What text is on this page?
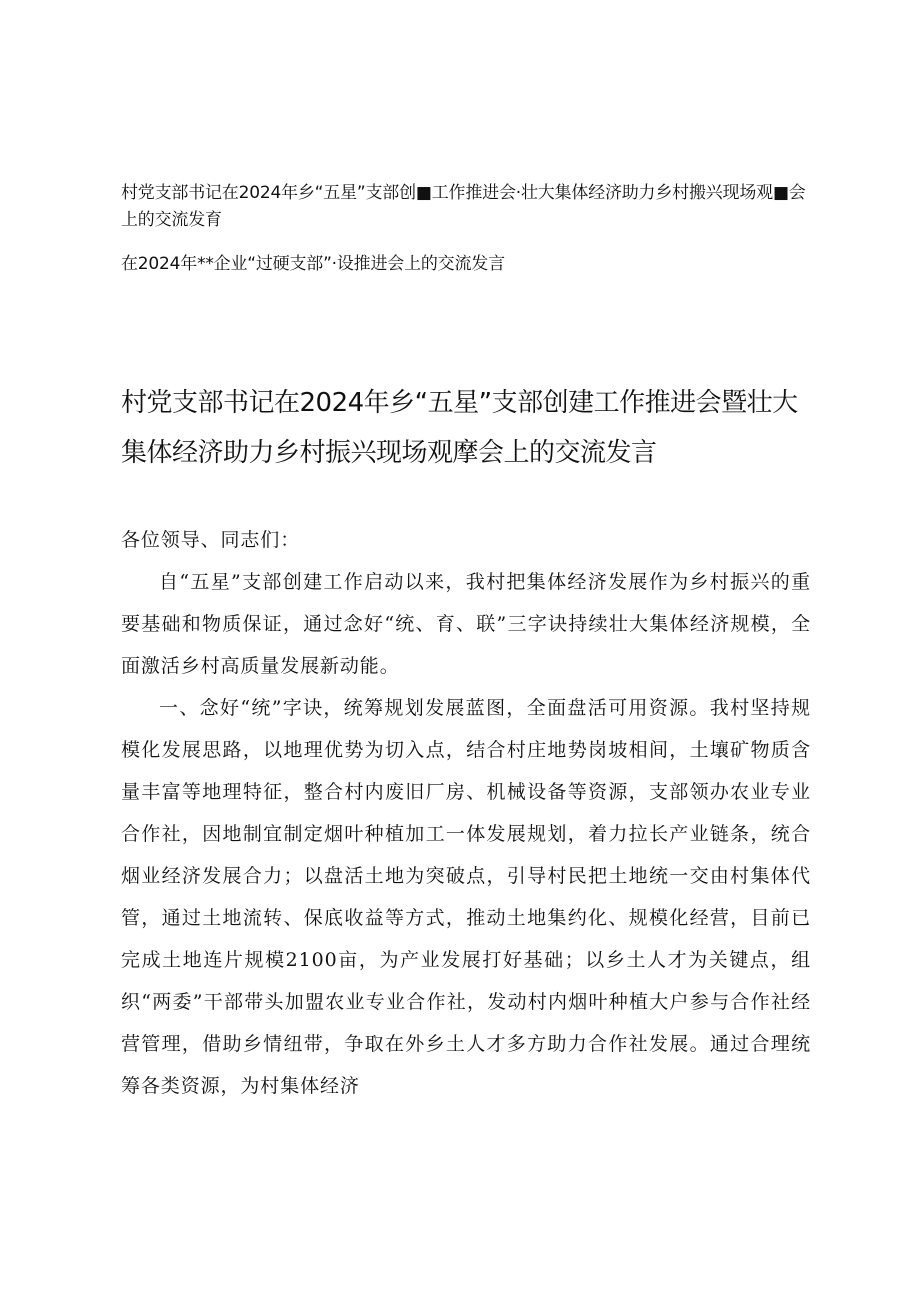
村党支部书记在2024年乡“五星”支部创■工作推进会·壮大集体经济助力乡村搬兴现场观■会上的交流发育
在2024年**企业“过硬支部”·设推进会上的交流发言
村党支部书记在2024年乡“五星”支部创建工作推进会暨壮大集体经济助力乡村振兴现场观摩会上的交流发言

各位领导、同志们：

自“五星”支部创建工作启动以来，我村把集体经济发展作为乡村振兴的重要基础和物质保证，通过念好“统、育、联”三字诀持续壮大集体经济规模，全面激活乡村高质量发展新动能。

一、念好“统”字诀，统筹规划发展蓝图，全面盘活可用资源。我村坚持规模化发展思路，以地理优势为切入点，结合村庄地势岗坡相间，土壤矿物质含量丰富等地理特征，整合村内废旧厂房、机械设备等资源，支部领办农业专业合作社，因地制宜制定烟叶种植加工一体发展规划，着力拉长产业链条，统合烟业经济发展合力；以盘活土地为突破点，引导村民把土地统一交由村集体代管，通过土地流转、保底收益等方式，推动土地集约化、规模化经营，目前已完成土地连片规模2100亩，为产业发展打好基础；以乡土人才为关键点，组织“两委”干部带头加盟农业专业合作社，发动村内烟叶种植大户参与合作社经营管理，借助乡情纽带，争取在外乡土人才多方助力合作社发展。通过合理统筹各类资源，为村集体经济
